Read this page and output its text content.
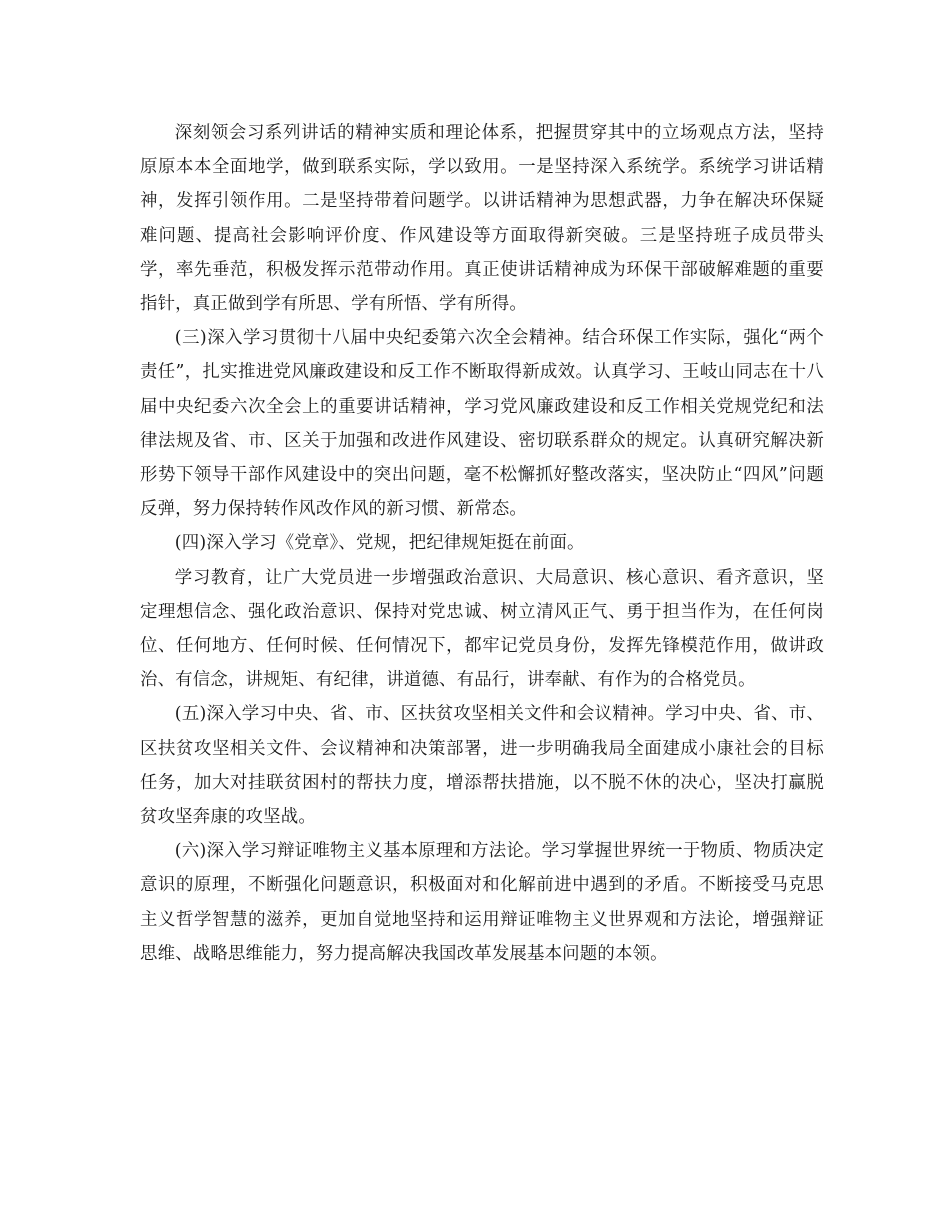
深刻领会习系列讲话的精神实质和理论体系，把握贯穿其中的立场观点方法，坚持原原本本全面地学，做到联系实际，学以致用。一是坚持深入系统学。系统学习讲话精神，发挥引领作用。二是坚持带着问题学。以讲话精神为思想武器，力争在解决环保疑难问题、提高社会影响评价度、作风建设等方面取得新突破。三是坚持班子成员带头学，率先垂范，积极发挥示范带动作用。真正使讲话精神成为环保干部破解难题的重要指针，真正做到学有所思、学有所悟、学有所得。

(三)深入学习贯彻十八届中央纪委第六次全会精神。结合环保工作实际，强化“两个责任”，扎实推进党风廉政建设和反工作不断取得新成效。认真学习、王岐山同志在十八届中央纪委六次全会上的重要讲话精神，学习党风廉政建设和反工作相关党规党纪和法律法规及省、市、区关于加强和改进作风建设、密切联系群众的规定。认真研究解决新形势下领导干部作风建设中的突出问题，毫不松懈抓好整改落实，坚决防止“四风”问题反弹，努力保持转作风改作风的新习惯、新常态。

(四)深入学习《党章》、党规，把纪律规矩挺在前面。

学习教育，让广大党员进一步增强政治意识、大局意识、核心意识、看齐意识，坚定理想信念、强化政治意识、保持对党忠诚、树立清风正气、勇于担当作为，在任何岗位、任何地方、任何时候、任何情况下，都牢记党员身份，发挥先锋模范作用，做讲政治、有信念，讲规矩、有纪律，讲道德、有品行，讲奉献、有作为的合格党员。

(五)深入学习中央、省、市、区扶贫攻坚相关文件和会议精神。学习中央、省、市、区扶贫攻坚相关文件、会议精神和决策部署，进一步明确我局全面建成小康社会的目标任务，加大对挂联贫困村的帮扶力度，增添帮扶措施，以不脱不休的决心，坚决打赢脱贫攻坚奔康的攻坚战。

(六)深入学习辩证唯物主义基本原理和方法论。学习掌握世界统一于物质、物质决定意识的原理，不断强化问题意识，积极面对和化解前进中遇到的矛盾。不断接受马克思主义哲学智慧的滋养，更加自觉地坚持和运用辩证唯物主义世界观和方法论，增强辩证思维、战略思维能力，努力提高解决我国改革发展基本问题的本领。
